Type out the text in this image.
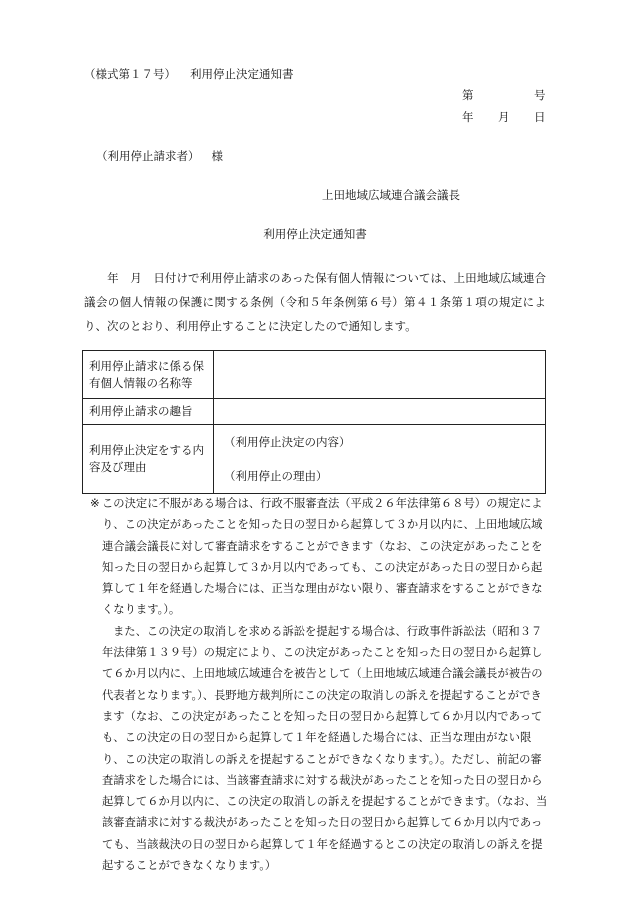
（様式第１７号） 利用停止決定通知書
第	号
年 月 日
（利用停止請求者） 様
上田地域広域連合議会議長
利用停止決定通知書
　　年　月　日付けで利用停止請求のあった保有個人情報については、上田地域広域連合議会の個人情報の保護に関する条例（令和５年条例第６号）第４１条第１項の規定により、次のとおり、利用停止することに決定したので通知します。
利用停止請求に係る保有個人情報の名称等	
利用停止請求の趣旨	
利用停止決定をする内容及び理由	（利用停止決定の内容）
（利用停止の理由）
※ この決定に不服がある場合は、行政不服審査法（平成２６年法律第６８号）の規定により、この決定があったことを知った日の翌日から起算して３か月以内に、上田地域広域連合議会議長に対して審査請求をすることができます（なお、この決定があったことを知った日の翌日から起算して３か月以内であっても、この決定があった日の翌日から起算して１年を経過した場合には、正当な理由がない限り、審査請求をすることができなくなります。）。

また、この決定の取消しを求める訴訟を提起する場合は、行政事件訴訟法（昭和３７年法律第１３９号）の規定により、この決定があったことを知った日の翌日から起算して６か月以内に、上田地域広域連合を被告として（上田地域広域連合議会議長が被告の代表者となります。）、長野地方裁判所にこの決定の取消しの訴えを提起することができます（なお、この決定があったことを知った日の翌日から起算して６か月以内であっても、この決定の日の翌日から起算して１年を経過した場合には、正当な理由がない限り、この決定の取消しの訴えを提起することができなくなります。）。ただし、前記の審査請求をした場合には、当該審査請求に対する裁決があったことを知った日の翌日から起算して６か月以内に、この決定の取消しの訴えを提起することができます。（なお、当該審査請求に対する裁決があったことを知った日の翌日から起算して６か月以内であっても、当該裁決の日の翌日から起算して１年を経過するとこの決定の取消しの訴えを提起することができなくなります。）
